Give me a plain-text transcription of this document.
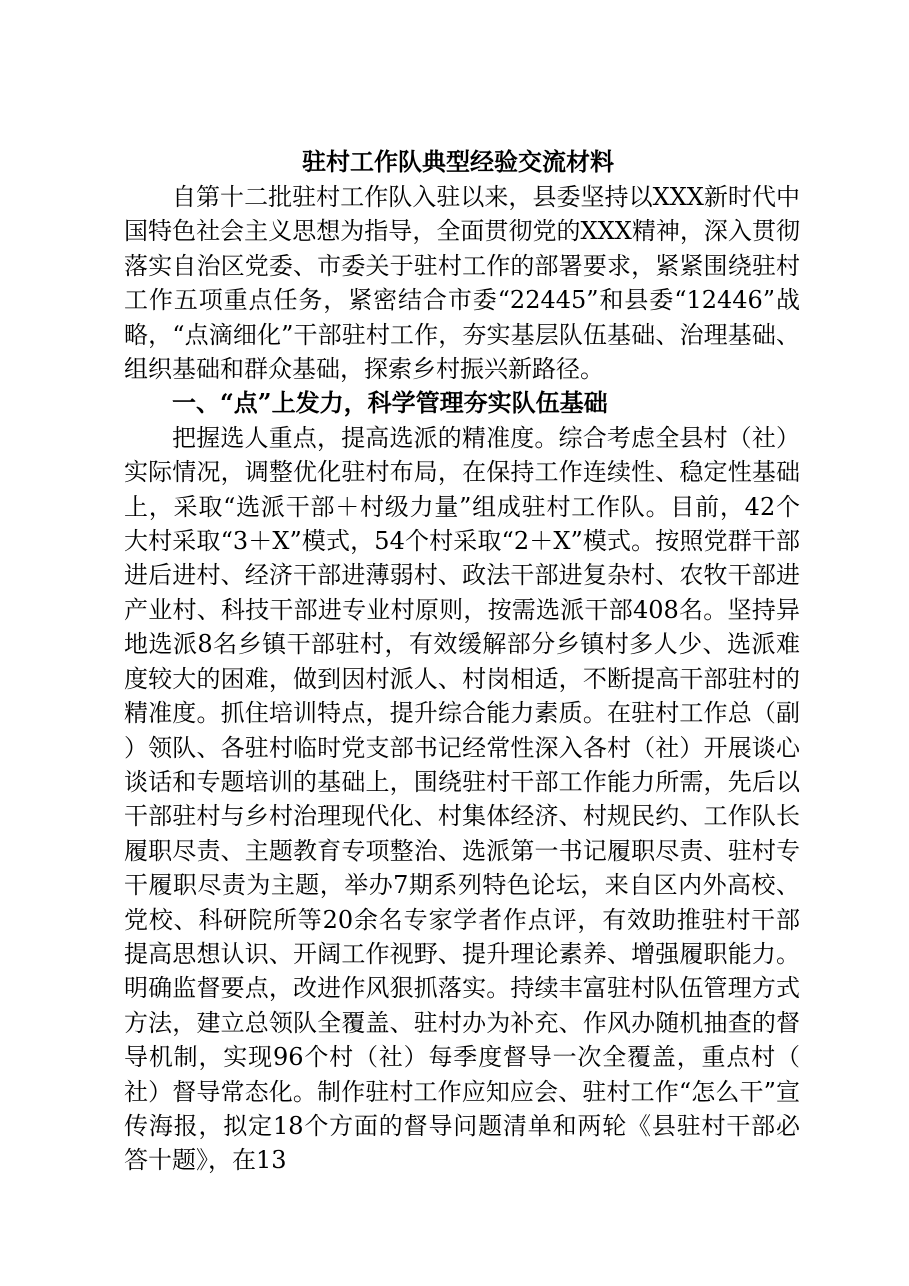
驻村工作队典型经验交流材料

自第十二批驻村工作队入驻以来，县委坚持以XXX新时代中国特色社会主义思想为指导，全面贯彻党的XXX精神，深入贯彻落实自治区党委、市委关于驻村工作的部署要求，紧紧围绕驻村工作五项重点任务，紧密结合市委“22445”和县委“12446”战略，“点滴细化”干部驻村工作，夯实基层队伍基础、治理基础、组织基础和群众基础，探索乡村振兴新路径。

一、“点”上发力，科学管理夯实队伍基础

把握选人重点，提高选派的精准度。综合考虑全县村（社）实际情况，调整优化驻村布局，在保持工作连续性、稳定性基础上，采取“选派干部＋村级力量”组成驻村工作队。目前，42个大村采取“3＋X”模式，54个村采取“2＋X”模式。按照党群干部进后进村、经济干部进薄弱村、政法干部进复杂村、农牧干部进产业村、科技干部进专业村原则，按需选派干部408名。坚持异地选派8名乡镇干部驻村，有效缓解部分乡镇村多人少、选派难度较大的困难，做到因村派人、村岗相适，不断提高干部驻村的精准度。抓住培训特点，提升综合能力素质。在驻村工作总（副）领队、各驻村临时党支部书记经常性深入各村（社）开展谈心谈话和专题培训的基础上，围绕驻村干部工作能力所需，先后以干部驻村与乡村治理现代化、村集体经济、村规民约、工作队长履职尽责、主题教育专项整治、选派第一书记履职尽责、驻村专干履职尽责为主题，举办7期系列特色论坛，来自区内外高校、党校、科研院所等20余名专家学者作点评，有效助推驻村干部提高思想认识、开阔工作视野、提升理论素养、增强履职能力。明确监督要点，改进作风狠抓落实。持续丰富驻村队伍管理方式方法，建立总领队全覆盖、驻村办为补充、作风办随机抽查的督导机制，实现96个村（社）每季度督导一次全覆盖，重点村（社）督导常态化。制作驻村工作应知应会、驻村工作“怎么干”宣传海报，拟定18个方面的督导问题清单和两轮《县驻村干部必答十题》，在13
